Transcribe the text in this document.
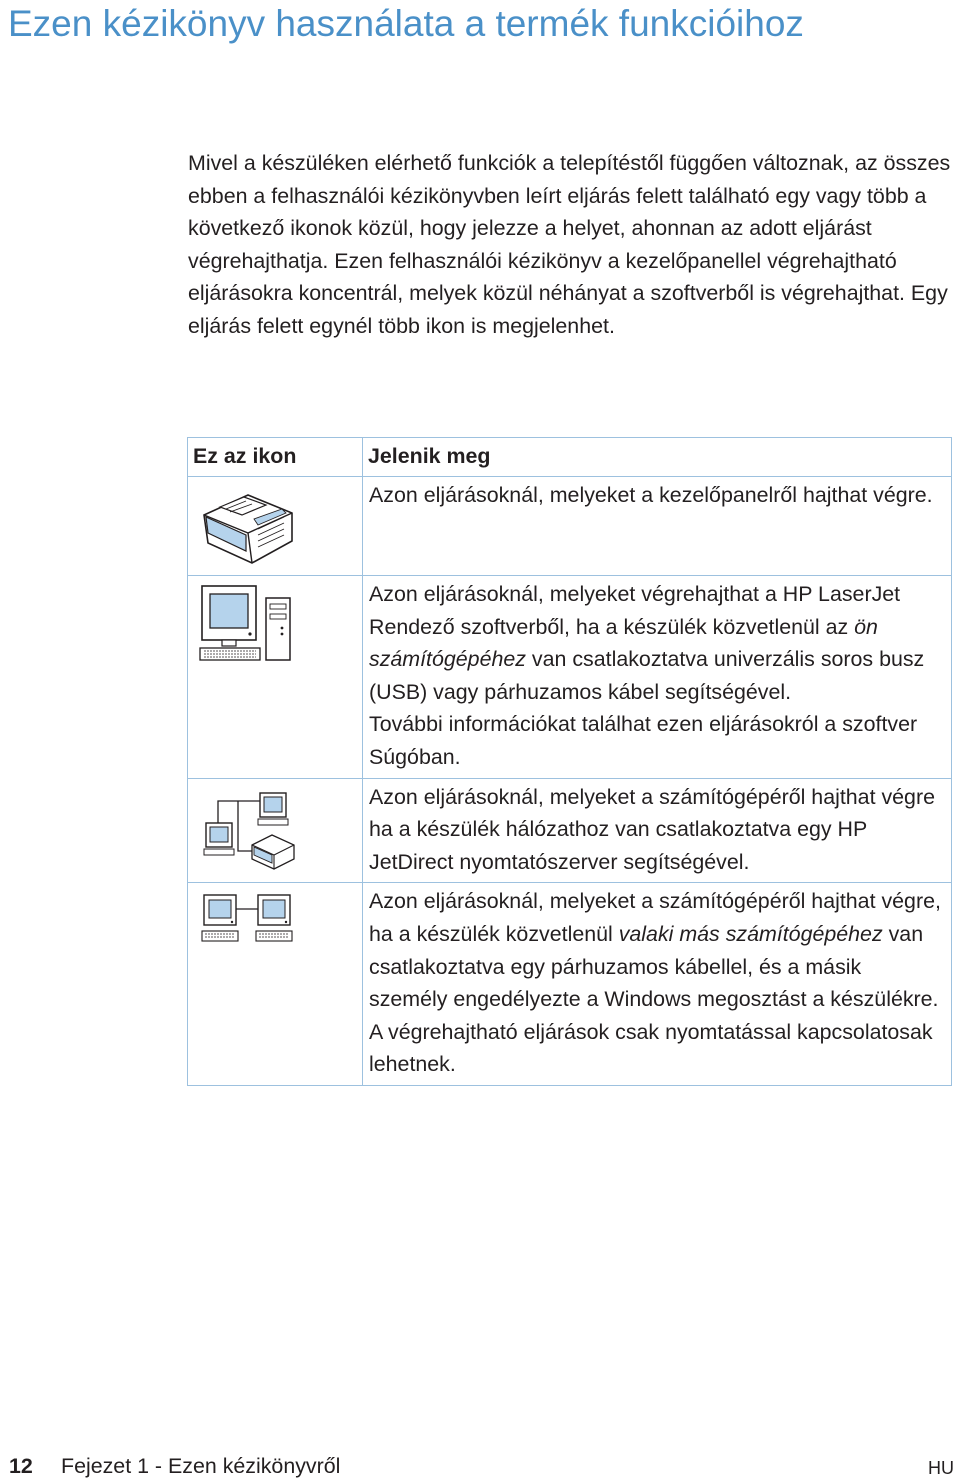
Ezen kézikönyv használata a termék funkcióihoz

Mivel a készüléken elérhető funkciók a telepítéstől függően változnak, az összes ebben a felhasználói kézikönyvben leírt eljárás felett található egy vagy több a következő ikonok közül, hogy jelezze a helyet, ahonnan az adott eljárást végrehajthatja. Ezen felhasználói kézikönyv a kezelőpanellel végrehajtható eljárásokra koncentrál, melyek közül néhányat a szoftverből is végrehajthat. Egy eljárás felett egynél több ikon is megjelenhet.

Ez az ikon	Jelenik meg

Azon eljárásoknál, melyeket a kezelőpanelről hajthat végre.

Azon eljárásoknál, melyeket végrehajthat a HP LaserJet Rendező szoftverből, ha a készülék közvetlenül az ön számítógépéhez van csatlakoztatva univerzális soros busz (USB) vagy párhuzamos kábel segítségével.

További információkat találhat ezen eljárásokról a szoftver Súgóban.

Azon eljárásoknál, melyeket a számítógépéről hajthat végre ha a készülék hálózathoz van csatlakoztatva egy HP JetDirect nyomtatószerver segítségével.

Azon eljárásoknál, melyeket a számítógépéről hajthat végre, ha a készülék közvetlenül valaki más számítógépéhez van csatlakoztatva egy párhuzamos kábellel, és a másik személy engedélyezte a Windows megosztást a készülékre.

A végrehajtható eljárások csak nyomtatással kapcsolatosak lehetnek.

12 Fejezet 1 - Ezen kézikönyvről	HU
